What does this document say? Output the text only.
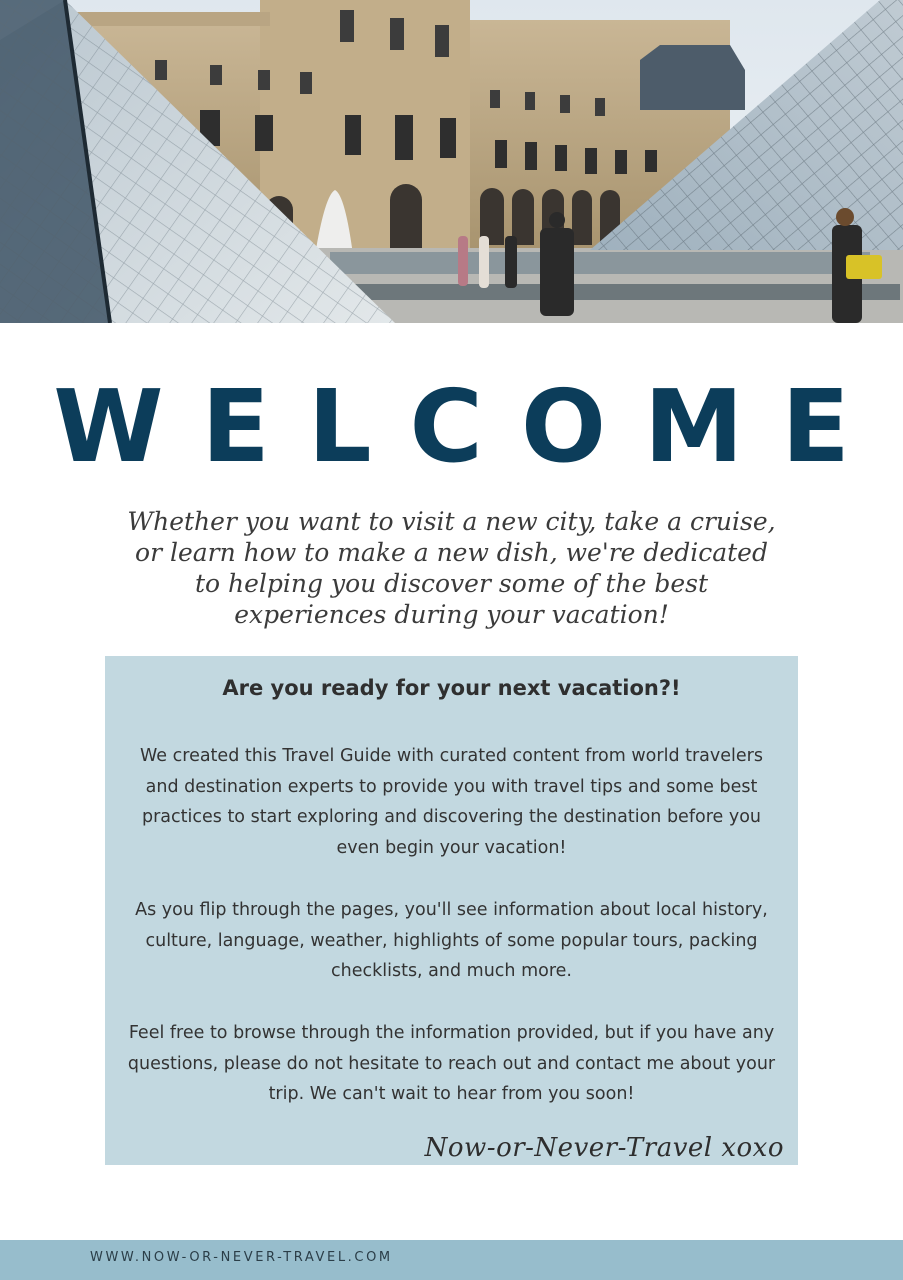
WELCOME
Whether you want to visit a new city, take a cruise, or learn how to make a new dish, we're dedicated to helping you discover some of the best experiences during your vacation!
Are you ready for your next vacation?!
We created this Travel Guide with curated content from world travelers and destination experts to provide you with travel tips and some best practices to start exploring and discovering the destination before you even begin your vacation!
As you flip through the pages, you'll see information about local history, culture, language, weather, highlights of some popular tours, packing checklists, and much more.
Feel free to browse through the information provided, but if you have any questions, please do not hesitate to reach out and contact me about your trip. We can't wait to hear from you soon!
Now-or-Never-Travel xoxo
WWW.NOW-OR-NEVER-TRAVEL.COM
